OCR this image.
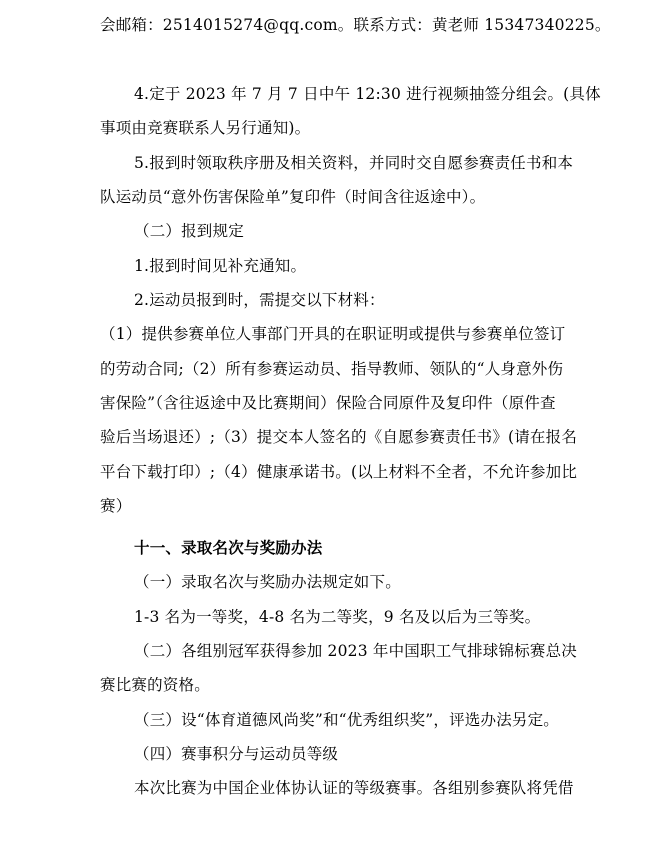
会邮箱：2514015274@qq.com。联系方式：黄老师 15347340225。
4.定于 2023 年 7 月 7 日中午 12:30 进行视频抽签分组会。(具体
事项由竞赛联系人另行通知)。
5.报到时领取秩序册及相关资料，并同时交自愿参赛责任书和本
队运动员“意外伤害保险单”复印件（时间含往返途中）。
（二）报到规定
1.报到时间见补充通知。
2.运动员报到时，需提交以下材料：
（1）提供参赛单位人事部门开具的在职证明或提供与参赛单位签订
的劳动合同;（2）所有参赛运动员、指导教师、领队的“人身意外伤
害保险”（含往返途中及比赛期间）保险合同原件及复印件（原件查
验后当场退还）;（3）提交本人签名的《自愿参赛责任书》(请在报名
平台下载打印）;（4）健康承诺书。(以上材料不全者，不允许参加比
赛）
十一、录取名次与奖励办法
（一）录取名次与奖励办法规定如下。
1-3 名为一等奖，4-8 名为二等奖，9 名及以后为三等奖。
（二）各组别冠军获得参加 2023 年中国职工气排球锦标赛总决
赛比赛的资格。
（三）设“体育道德风尚奖”和“优秀组织奖”，评选办法另定。
（四）赛事积分与运动员等级
本次比赛为中国企业体协认证的等级赛事。各组别参赛队将凭借
